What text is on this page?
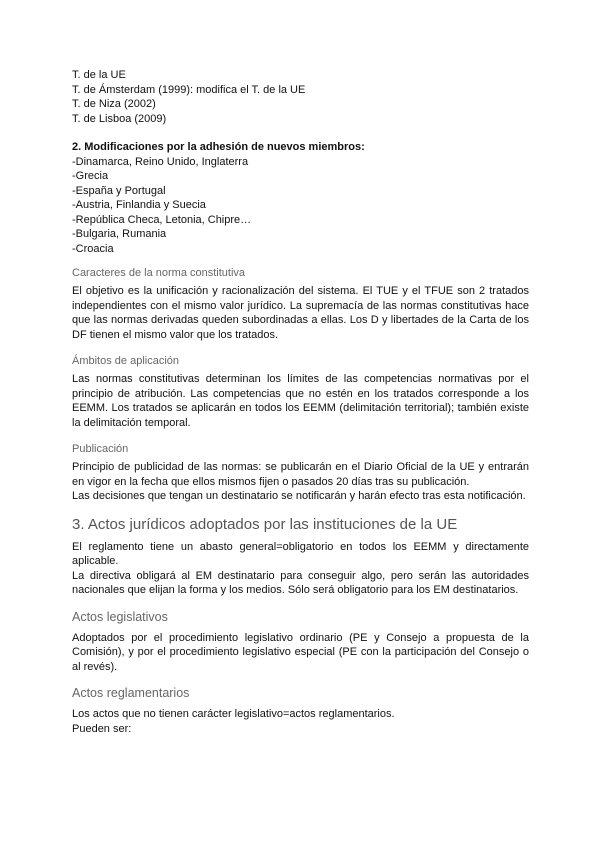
T. de la UE

T. de Ámsterdam (1999): modifica el T. de la UE

T. de Niza (2002)

T. de Lisboa (2009)

2. Modificaciones por la adhesión de nuevos miembros:

-Dinamarca, Reino Unido, Inglaterra

-Grecia

-España y Portugal

-Austria, Finlandia y Suecia

-República Checa, Letonia, Chipre…

-Bulgaria, Rumania

-Croacia

Caracteres de la norma constitutiva

El objetivo es la unificación y racionalización del sistema. El TUE y el TFUE son 2 tratados independientes con el mismo valor jurídico. La supremacía de las normas constitutivas hace que las normas derivadas queden subordinadas a ellas. Los D y libertades de la Carta de los DF tienen el mismo valor que los tratados.

Ámbitos de aplicación

Las normas constitutivas determinan los límites de las competencias normativas por el principio de atribución. Las competencias que no estén en los tratados corresponde a los EEMM. Los tratados se aplicarán en todos los EEMM (delimitación territorial); también existe la delimitación temporal.

Publicación

Principio de publicidad de las normas: se publicarán en el Diario Oficial de la UE y entrarán en vigor en la fecha que ellos mismos fijen o pasados 20 días tras su publicación.

Las decisiones que tengan un destinatario se notificarán y harán efecto tras esta notificación.

3. Actos jurídicos adoptados por las instituciones de la UE

El reglamento tiene un abasto general=obligatorio en todos los EEMM y directamente aplicable.

La directiva obligará al EM destinatario para conseguir algo, pero serán las autoridades nacionales que elijan la forma y los medios. Sólo será obligatorio para los EM destinatarios.

Actos legislativos

Adoptados por el procedimiento legislativo ordinario (PE y Consejo a propuesta de la Comisión), y por el procedimiento legislativo especial (PE con la participación del Consejo o al revés).

Actos reglamentarios

Los actos que no tienen carácter legislativo=actos reglamentarios.

Pueden ser:
